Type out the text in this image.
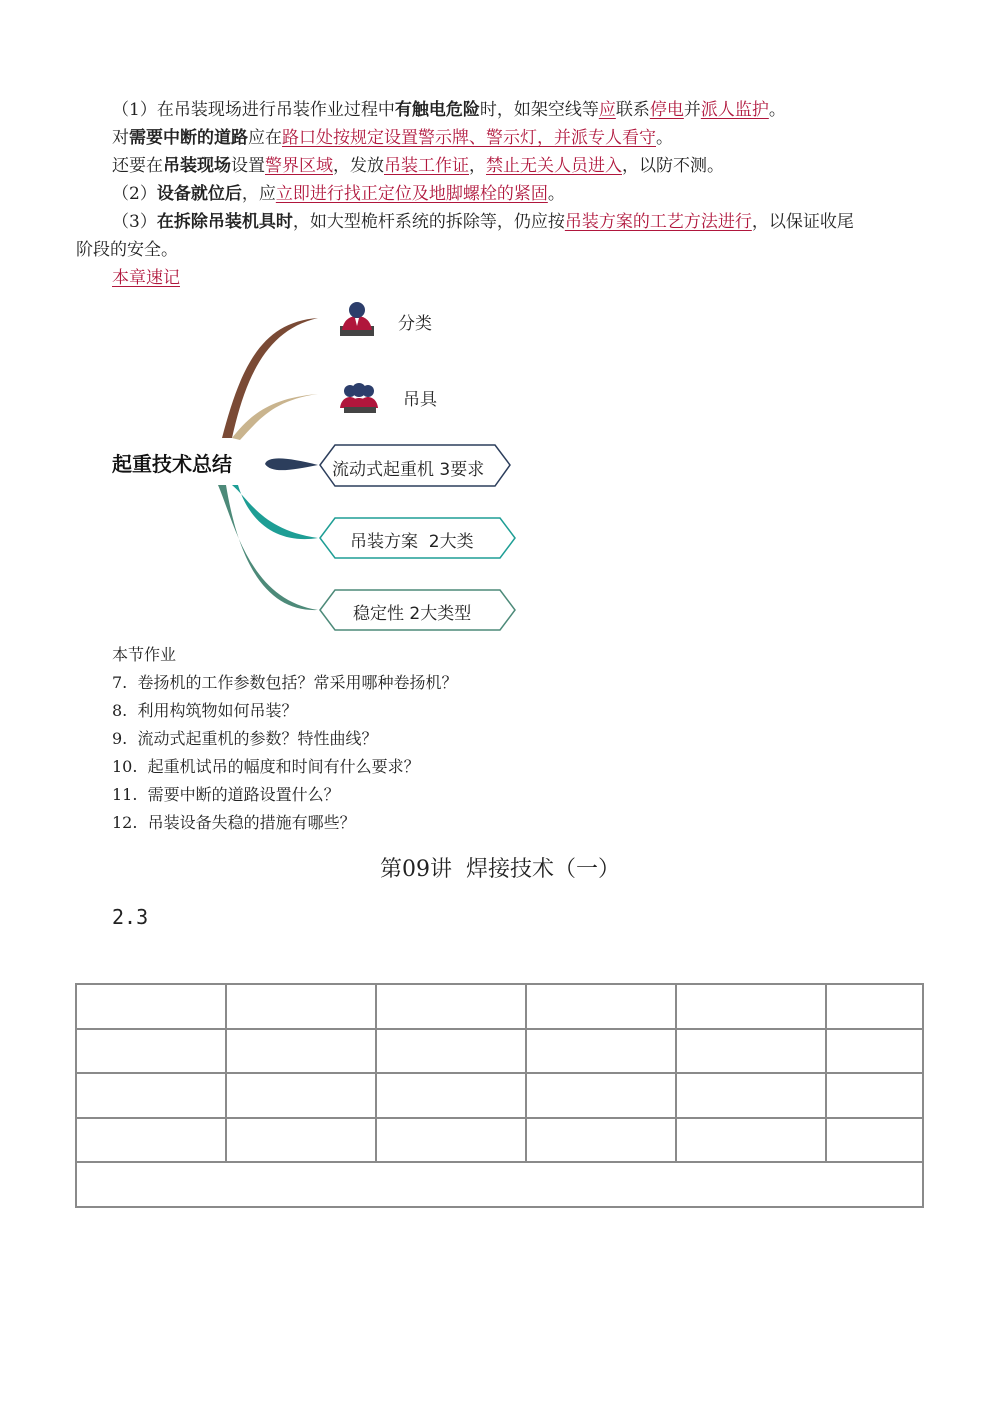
（1）在吊装现场进行吊装作业过程中有触电危险时，如架空线等应联系停电并派人监护。
对需要中断的道路应在路口处按规定设置警示牌、警示灯，并派专人看守。
还要在吊装现场设置警界区域，发放吊装工作证，禁止无关人员进入，以防不测。
（2）设备就位后，应立即进行找正定位及地脚螺栓的紧固。
（3）在拆除吊装机具时，如大型桅杆系统的拆除等，仍应按吊装方案的工艺方法进行，以保证收尾
阶段的安全。
本章速记
起重技术总结
分类
吊具
流动式起重机 3要求
吊装方案  2大类
稳定性 2大类型
本节作业
7.  卷扬机的工作参数包括？常采用哪种卷扬机？
8.  利用构筑物如何吊装？
9.  流动式起重机的参数？特性曲线？
10.  起重机试吊的幅度和时间有什么要求？
11.  需要中断的道路设置什么？
12.  吊装设备失稳的措施有哪些？
第09讲  焊接技术（一）
2.3
